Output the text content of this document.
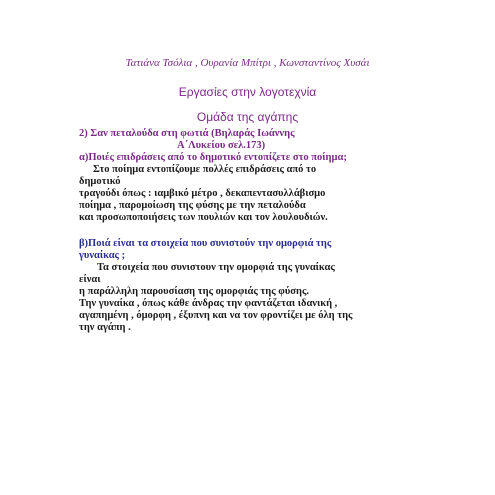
Τατιάνα Τσόλια , Ουρανία Μπίτρι , Κωνσταντίνος Χυσάι
Εργασίες στην λογοτεχνία
Ομάδα της αγάπης
2) Σαν πεταλούδα στη φωτιά (Βηλαράς Ιωάννης
Α΄Λυκείου σελ.173)
α)Ποιές επιδράσεις από το δημοτικό εντοπίζετε στο ποίημα;
Στο ποίημα εντοπίζουμε πολλές επιδράσεις από το
δημοτικό
τραγούδι όπως : ιαμβικό μέτρο , δεκαπεντασυλλάβισμο
ποίημα , παρομοίωση της φύσης με την πεταλούδα
και προσωποποιήσεις των πουλιών και τον λουλουδιών.
β)Ποιά είναι τα στοιχεία που συνιστούν την ομορφιά της
γυναίκας ;
Τα στοιχεία που συνιστουν την ομορφιά της γυναίκας
είναι
η παράλληλη παρουσίαση της ομορφιάς της φύσης.
Την γυναίκα , όπως κάθε άνδρας την φαντάζεται ιδανική ,
αγαπημένη , όμορφη , έξυπνη και να τον φροντίζει με όλη της
την αγάπη .
